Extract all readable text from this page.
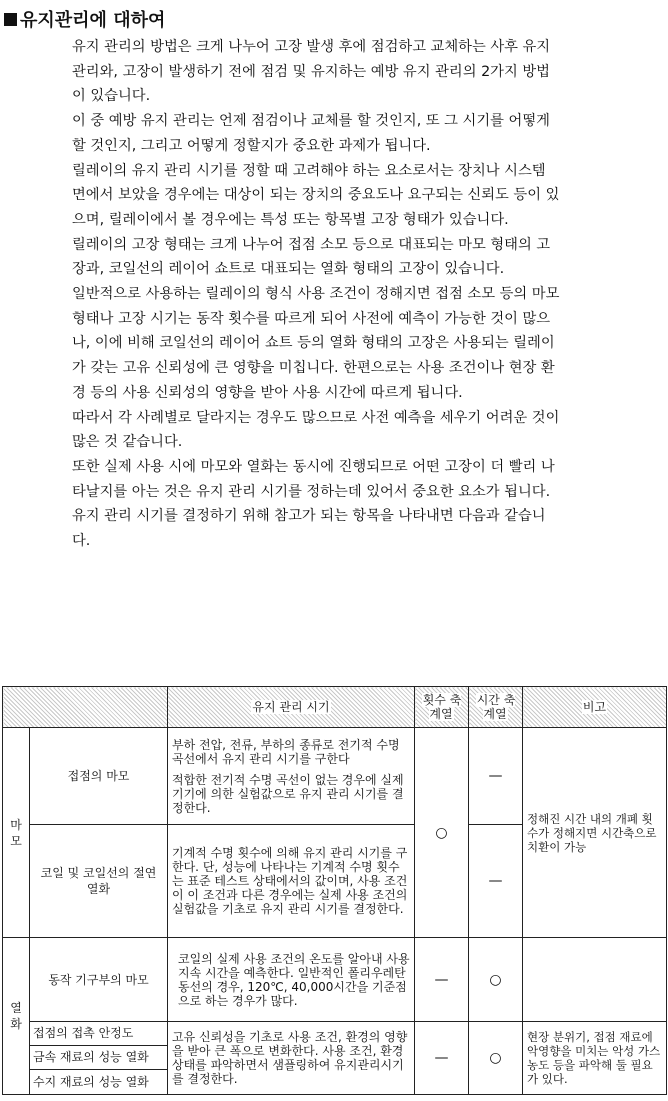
유지관리에 대하여

유지 관리의 방법은 크게 나누어 고장 발생 후에 점검하고 교체하는 사후 유지 관리와, 고장이 발생하기 전에 점검 및 유지하는 예방 유지 관리의 2가지 방법이 있습니다.

이 중 예방 유지 관리는 언제 점검이나 교체를 할 것인지, 또 그 시기를 어떻게 할 것인지, 그리고 어떻게 정할지가 중요한 과제가 됩니다.

릴레이의 유지 관리 시기를 정할 때 고려해야 하는 요소로서는 장치나 시스템 면에서 보았을 경우에는 대상이 되는 장치의 중요도나 요구되는 신뢰도 등이 있으며, 릴레이에서 볼 경우에는 특성 또는 항목별 고장 형태가 있습니다.

릴레이의 고장 형태는 크게 나누어 접점 소모 등으로 대표되는 마모 형태의 고장과, 코일선의 레이어 쇼트로 대표되는 열화 형태의 고장이 있습니다.

일반적으로 사용하는 릴레이의 형식 사용 조건이 정해지면 접점 소모 등의 마모 형태나 고장 시기는 동작 횟수를 따르게 되어 사전에 예측이 가능한 것이 많으나, 이에 비해 코일선의 레이어 쇼트 등의 열화 형태의 고장은 사용되는 릴레이가 갖는 고유 신뢰성에 큰 영향을 미칩니다. 한편으로는 사용 조건이나 현장 환경 등의 사용 신뢰성의 영향을 받아 사용 시간에 따르게 됩니다.

따라서 각 사례별로 달라지는 경우도 많으므로 사전 예측을 세우기 어려운 것이 많은 것 같습니다.

또한 실제 사용 시에 마모와 열화는 동시에 진행되므로 어떤 고장이 더 빨리 나타날지를 아는 것은 유지 관리 시기를 정하는데 있어서 중요한 요소가 됩니다.

유지 관리 시기를 결정하기 위해 참고가 되는 항목을 나타내면 다음과 같습니다.

		유지 관리 시기	횟수 축 계열	시간 축 계열	비고
마모	접점의 마모	부하 전압, 전류, 부하의 종류로 전기적 수명 곡선에서 유지 관리 시기를 구한다
적합한 전기적 수명 곡선이 없는 경우에 실제 기기에 의한 실험값으로 유지 관리 시기를 결정한다.	○	—	정해진 시간 내의 개폐 횟수가 정해지면 시간축으로 치환이 가능
	코일 및 코일선의 절연 열화	기계적 수명 횟수에 의해 유지 관리 시기를 구한다. 단, 성능에 나타나는 기계적 수명 횟수는 표준 테스트 상태에서의 값이며, 사용 조건이 이 조건과 다른 경우에는 실제 사용 조건의 실험값을 기초로 유지 관리 시기를 결정한다.		—	
열화	동작 기구부의 마모	코일의 실제 사용 조건의 온도를 알아내 사용 지속 시간을 예측한다. 일반적인 폴리우레탄 동선의 경우, 120℃, 40,000시간을 기준점으로 하는 경우가 많다.	—	○	

	접점의 접촉 안정도
금속 재료의 성능 열화
수지 재료의 성능 열화	고유 신뢰성을 기초로 사용 조건, 환경의 영향을 받아 큰 폭으로 변화한다. 사용 조건, 환경 상태를 파악하면서 샘플링하여 유지관리시기를 결정한다.	—	○	현장 분위기, 접점 재료에 악영향을 미치는 악성 가스 농도 등을 파악해 둘 필요가 있다.
